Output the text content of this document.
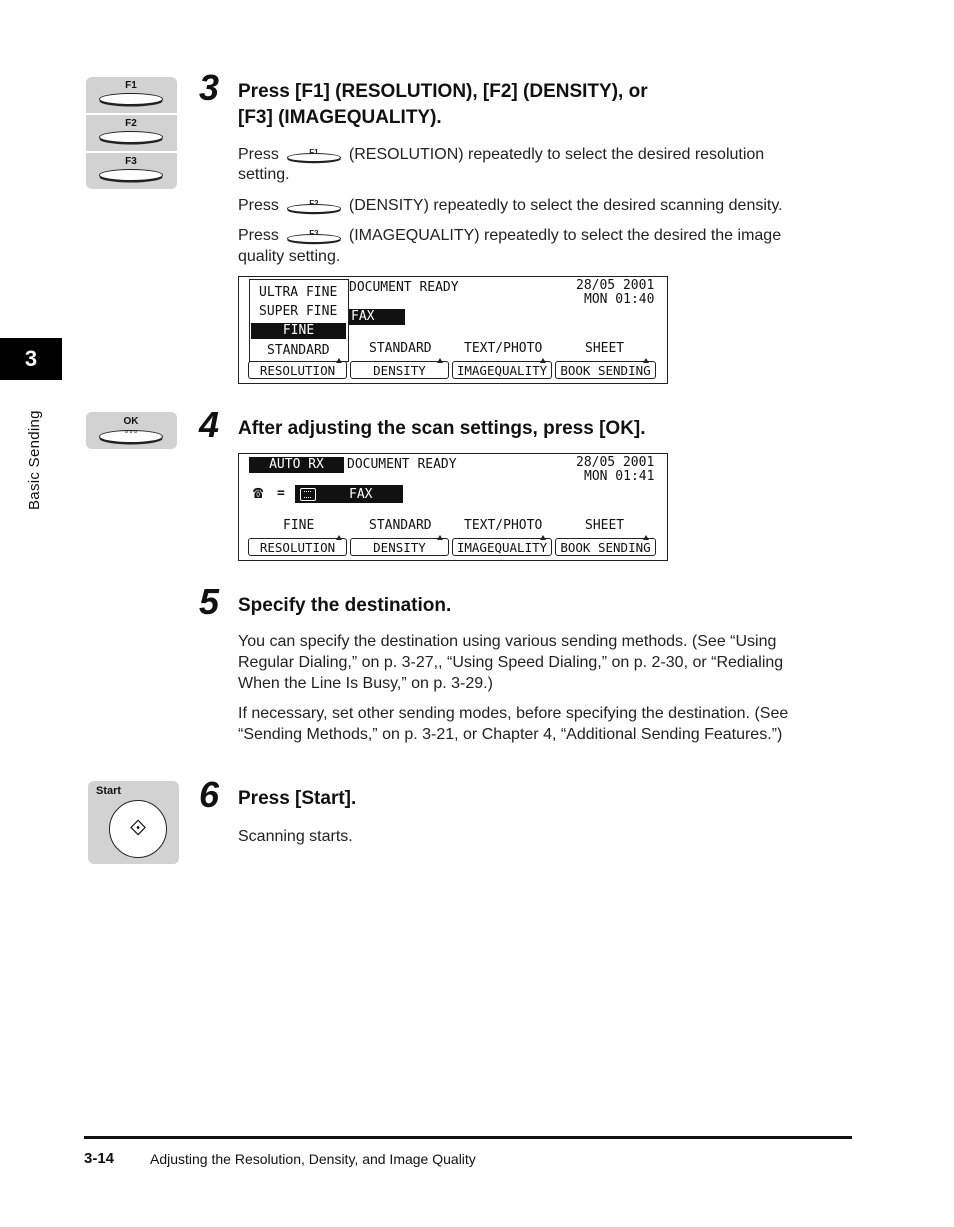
3
Basic Sending
F1
F2
F3
3 Press [F1] (RESOLUTION), [F2] (DENSITY), or
[F3] (IMAGEQUALITY).
Press	(RESOLUTION) repeatedly to select the desired resolution
setting.
Press	(DENSITY) repeatedly to select the desired scanning density.
Press	(IMAGEQUALITY) repeatedly to select the desired the image
quality setting.
ULTRA FINE
SUPER FINE
FINE
STANDARD
DOCUMENT READY	28/05 2001
MON 01:40
FAX
STANDARD TEXT/PHOTO	SHEET
RESOLUTION	DENSITY	IMAGEQUALITY	BOOK SENDING
OK
°°°	4 After adjusting the scan settings, press [OK].
AUTO RX	DOCUMENT READY	28/05 2001
MON 01:41
☎ =	FAX
FINE	STANDARD TEXT/PHOTO	SHEET
RESOLUTION	DENSITY	IMAGEQUALITY	BOOK SENDING
5 Specify the destination.
You can specify the destination using various sending methods. (See “Using
Regular Dialing,” on p. 3-27,, “Using Speed Dialing,” on p. 2-30, or “Redialing
When the Line Is Busy,” on p. 3-29.)
If necessary, set other sending modes, before specifying the destination. (See
“Sending Methods,” on p. 3-21, or Chapter 4, “Additional Sending Features.”)
Start
⟐
6 Press [Start].
Scanning starts.
3-14	Adjusting the Resolution, Density, and Image Quality
